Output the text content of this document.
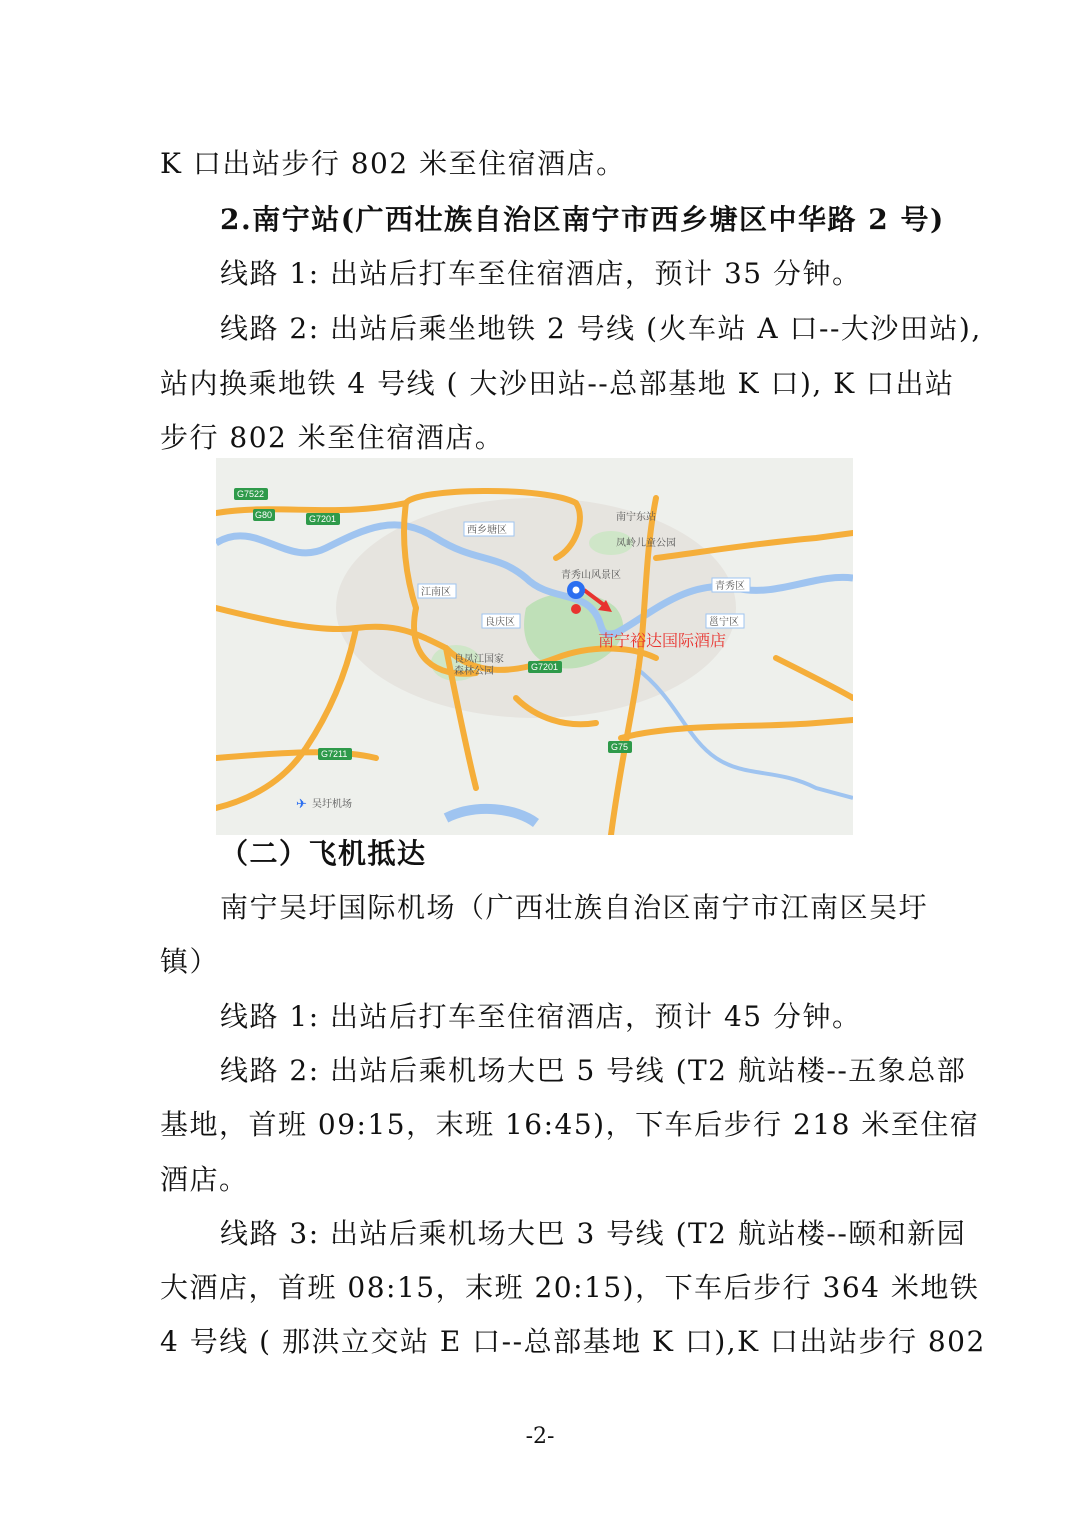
K 口出站步行 802 米至住宿酒店。
2.南宁站(广西壮族自治区南宁市西乡塘区中华路 2 号)
线路 1: 出站后打车至住宿酒店，预计 35 分钟。
线路 2: 出站后乘坐地铁 2 号线 (火车站 A 口--大沙田站),
站内换乘地铁 4 号线 ( 大沙田站--总部基地 K 口), K 口出站
步行 802 米至住宿酒店。
G7522
G80	G7201
G7201
G7211
G75
西乡塘区
南宁东站
凤岭儿童公园
青秀山风景区
江南区
良庆区
青秀区
邕宁区
良凤江国家
森林公园
吴圩机场
✈
南宁裕达国际酒店
（二）飞机抵达
南宁吴圩国际机场（广西壮族自治区南宁市江南区吴圩
镇）
线路 1: 出站后打车至住宿酒店，预计 45 分钟。
线路 2: 出站后乘机场大巴 5 号线 (T2 航站楼--五象总部
基地，首班 09:15，末班 16:45)，下车后步行 218 米至住宿
酒店。
线路 3: 出站后乘机场大巴 3 号线 (T2 航站楼--颐和新园
大酒店，首班 08:15，末班 20:15)，下车后步行 364 米地铁
4 号线 ( 那洪立交站 E 口--总部基地 K 口),K 口出站步行 802
-2-
